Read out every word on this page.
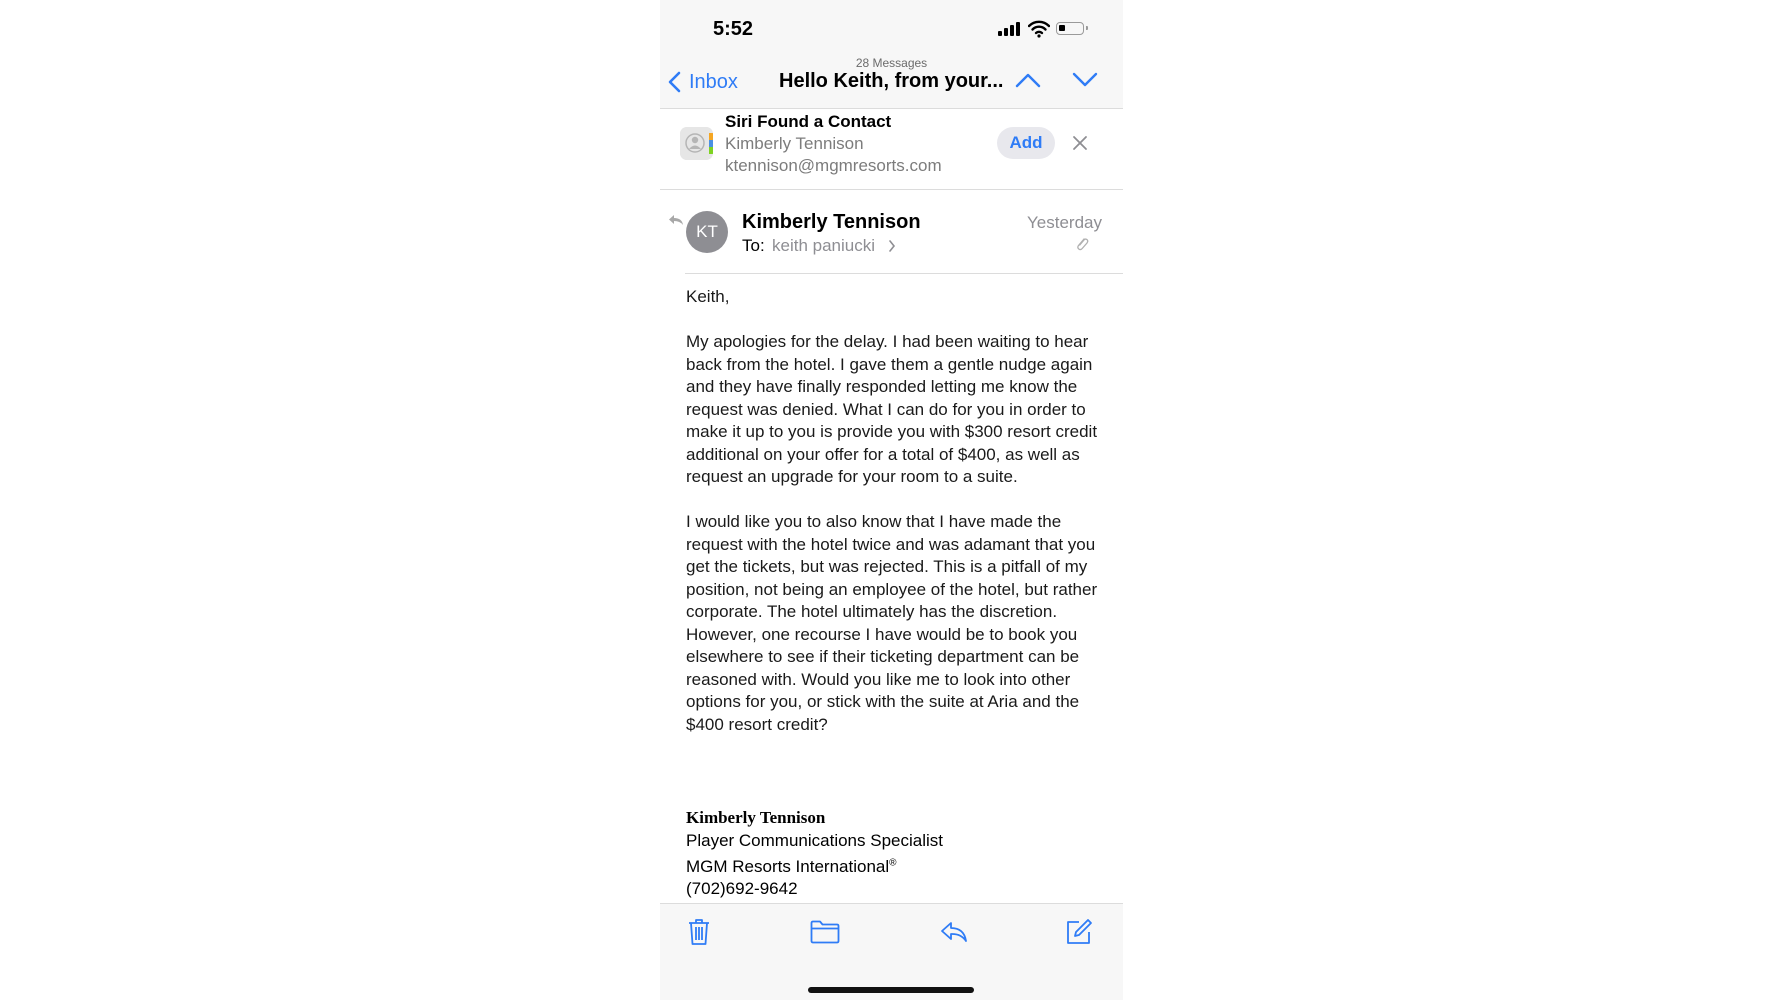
5:52
Inbox
28 Messages
Hello Keith, from your...
Siri Found a Contact
Kimberly Tennison
ktennison@mgmresorts.com
Add
KT	Kimberly Tennison
To: keith paniucki
Yesterday

Keith,

My apologies for the delay. I had been waiting to hear back from the hotel. I gave them a gentle nudge again and they have finally responded letting me know the request was denied. What I can do for you in order to make it up to you is provide you with $300 resort credit additional on your offer for a total of $400, as well as request an upgrade for your room to a suite.

I would like you to also know that I have made the request with the hotel twice and was adamant that you get the tickets, but was rejected. This is a pitfall of my position, not being an employee of the hotel, but rather corporate. The hotel ultimately has the discretion. However, one recourse I have would be to book you elsewhere to see if their ticketing department can be reasoned with. Would you like me to look into other options for you, or stick with the suite at Aria and the $400 resort credit?

Kimberly Tennison
Player Communications Specialist
MGM Resorts International®
(702)692-9642
